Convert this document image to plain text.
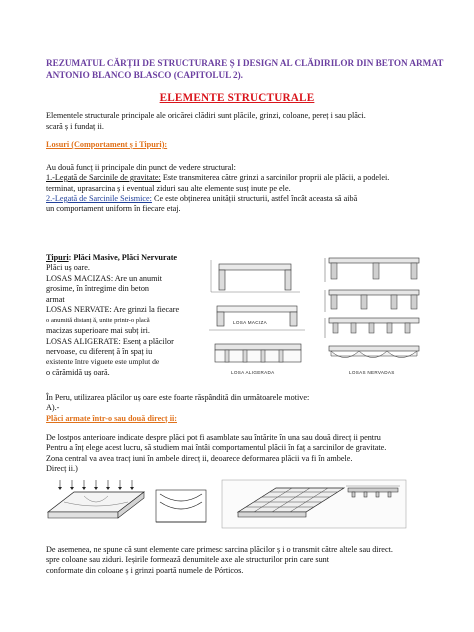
REZUMATUL CĂRȚII DE STRUCTURARE Ș I DESIGN AL CLĂDIRILOR DIN BETON ARMAT
ANTONIO BLANCO BLASCO (CAPITOLUL 2).
ELEMENTE STRUCTURALE
Elementele structurale principale ale oricărei clădiri sunt plăcile, grinzi, coloane, pereț i sau plăci.
scară ș i fundaț ii.
Losuri (Comportament ș i Tipuri):
Au două funcț ii principale din punct de vedere structural:
1.-Legată de Sarcinile de gravitate: Este transmiterea către grinzi a sarcinilor proprii ale plăcii, a podelei.
terminat, uprasarcina ș i eventual ziduri sau alte elemente susț inute pe ele.
2.-Legată de Sarcinile Seismice: Ce este obținerea unității structurii, astfel încât aceasta să aibă
un comportament uniform în fiecare etaj.
Tipuri: Plăci Masive, Plăci Nervurate
Plăci uș oare.
LOSAS MACIZAS: Are un anumit
grosime, în întregime din beton
armat
LOSAS NERVATE: Are grinzi la fiecare
o anumită distanț ă, unite printr-o placă
macizas superioare mai subț iri.
LOSAS ALIGERATE: Esenț a plăcilor
nervoase, cu diferenț ă în spaț iu
existente între viguete este umplut de
o cărămidă uș oară.
LOSA MACIZA
LOSA ALIGERADA	LOSAS NERVADAS
În Peru, utilizarea plăcilor uș oare este foarte răspândită din următoarele motive:
A).-
Plăci armate într-o sau două direcț ii:
De lostpos anterioare indicate despre plăci pot fi asamblate sau întărite în una sau două direcț ii pentru
Pentru a înț elege acest lucru, să studiem mai întâi comportamentul plăcii în faț a sarcinilor de gravitate.
Zona central va avea tracț iuni în ambele direcț ii, deoarece deformarea plăcii va fi în ambele.
Direcț ii.)
De asemenea, ne spune că sunt elemente care primesc sarcina plăcilor ș i o transmit către altele sau direct.
spre coloane sau ziduri. Ieșirile formează denumitele axe ale structurilor prin care sunt
conformate din coloane ș i grinzi poartă numele de Pórticos.
